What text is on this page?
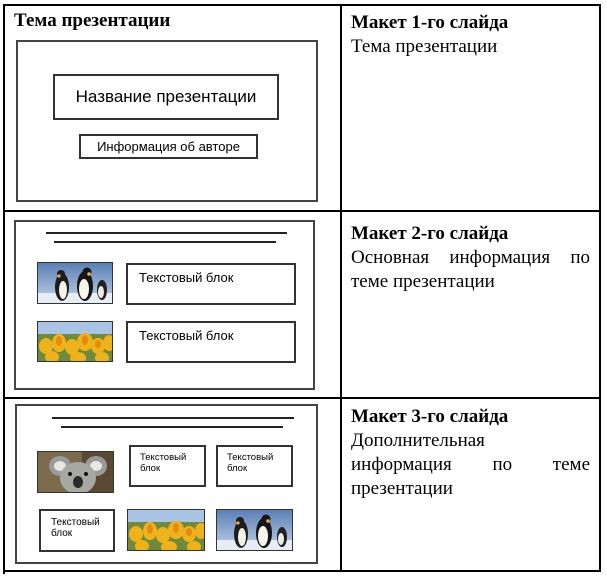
Тема презентации
Название презентации
Информация об авторе
Макет 1-го слайда
Тема презентации
Текстовый блок
Текстовый блок
Макет 2-го слайда
Основная информация по
теме презентации
Текстовый блок
Текстовый блок
Текстовый блок
Макет 3-го слайда
Дополнительная
информация по теме
презентации
